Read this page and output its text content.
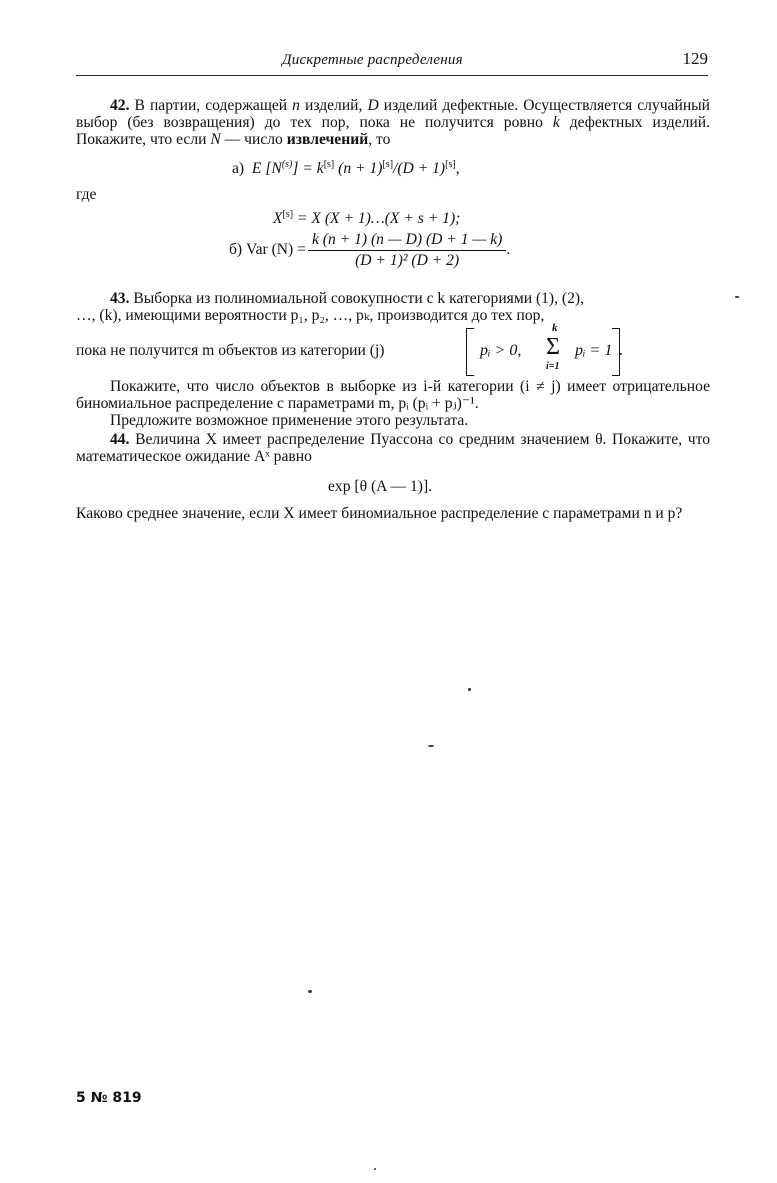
Дискретные распределения	129

42. В партии, содержащей n изделий, D изделий дефектные. Осуществляется случайный выбор (без возвращения) до тех пор, пока не получится ровно k дефектных изделий. Покажите, что если N — число извлечений, то

а) E $[N^{(s)}] = k[s]$ (n + 1)[s]/(D + 1)[s],
где
X[s] = X (X + 1)…(X + s + 1);
б) Var $(N) = \frac{k (n + 1) (n — D) (D + 1 — k)}{\text{(D + 1)² (D + 2)}}$ .

43. Выборка из полиномиальной совокупности с k категориями (1), (2),

…, (k), имеющими вероятности p₁, p₂, …, pₖ, производится до тех пор,

пока не получится m объектов из категории (j)	pᵢ > 0,
k
Σ
i=1
pᵢ = 1 .

Покажите, что число объектов в выборке из i-й категории (i ≠ j) имеет отрицательное биномиальное распределение с параметрами m, pᵢ (pᵢ + pⱼ)⁻¹.

Предложите возможное применение этого результата.

44. Величина X имеет распределение Пуассона со средним значением θ. Покажите, что математическое ожидание Aˣ равно

exp [θ (A — 1)].

Каково среднее значение, если X имеет биномиальное распределение с параметрами n и p?

5 № 819
